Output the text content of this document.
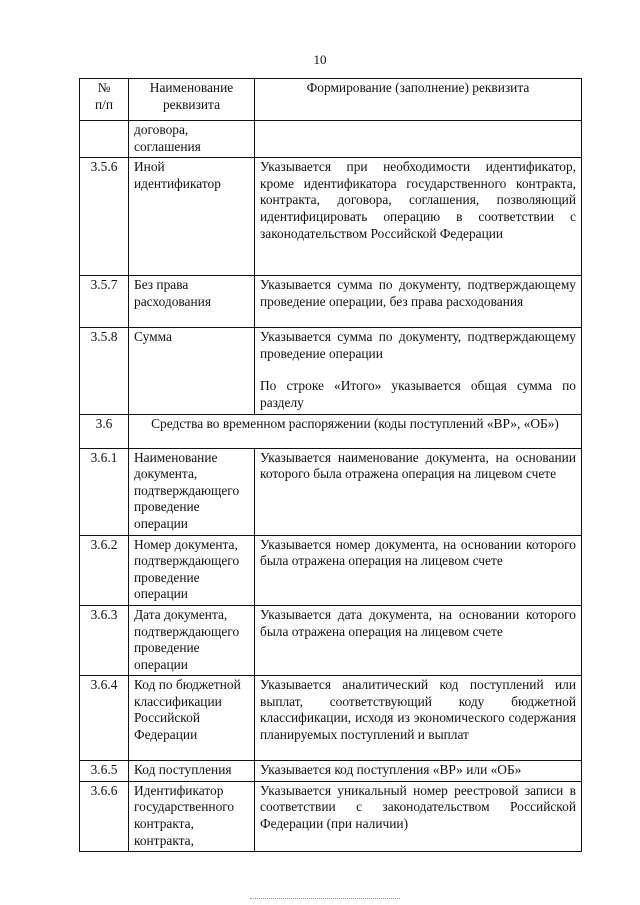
10
№
п/п	Наименование реквизита	Формирование (заполнение) реквизита
	договора, соглашения	
3.5.6	Иной идентификатор	Указывается при необходимости идентификатор, кроме идентификатора государственного контракта, контракта, договора, соглашения, позволяющий идентифицировать операцию в соответствии с законодательством Российской Федерации
3.5.7	Без права расходования	Указывается сумма по документу, подтверждающему проведение операции, без права расходования
3.5.8	Сумма	Указывается сумма по документу, подтверждающему проведение операции
По строке «Итого» указывается общая сумма по разделу

3.6	Средства во временном распоряжении (коды поступлений «ВР», «ОБ»)	
3.6.1	Наименование документа, подтверждающего проведение операции	Указывается наименование документа, на основании которого была отражена операция на лицевом счете
3.6.2	Номер документа, подтверждающего проведение операции	Указывается номер документа, на основании которого была отражена операция на лицевом счете
3.6.3	Дата документа, подтверждающего проведение операции	Указывается дата документа, на основании которого была отражена операция на лицевом счете
3.6.4	Код по бюджетной классификации Российской Федерации	Указывается аналитический код поступлений или выплат, соответствующий коду бюджетной классификации, исходя из экономического содержания планируемых поступлений и выплат
3.6.5	Код поступления	Указывается код поступления «ВР» или «ОБ»
3.6.6	Идентификатор государственного контракта, контракта,	Указывается уникальный номер реестровой записи в соответствии с законодательством Российской Федерации (при наличии)
